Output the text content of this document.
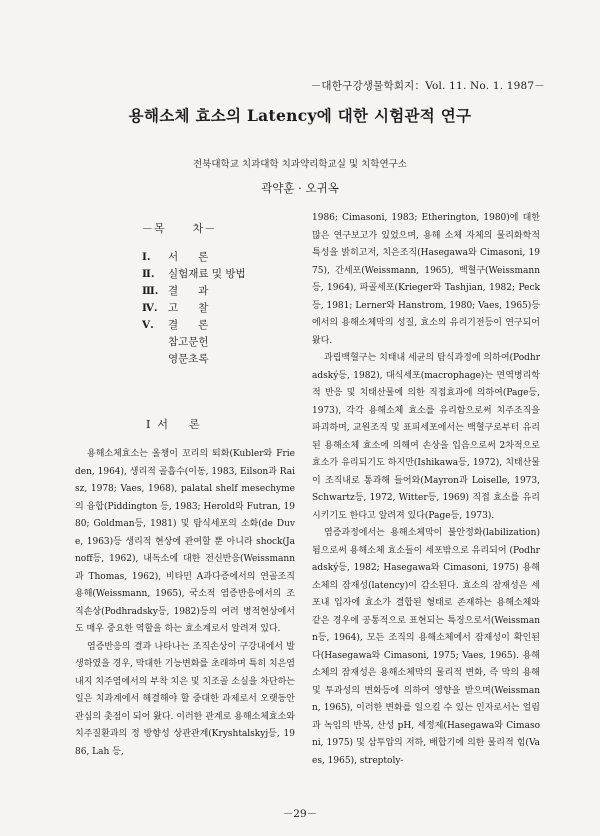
－대한구강생물학회지：Vol. 11. No. 1. 1987－
용해소체 효소의 Latency에 대한 시험관적 연구
전북대학교 치과대학 치과약리학교실 및 치학연구소
곽약훈 · 오귀옥
－목      차－
Ⅰ.	서      론
Ⅱ.	실험재료 및 방법
Ⅲ. 결      과
Ⅳ. 고      찰
Ⅴ.	결      론
참고문헌
영문초록
Ⅰ  서      론

용해소체효소는 올챙이 꼬리의 퇴화(Kubler와 Frieden, 1964), 생리적 골흡수(이동, 1983, Eilson과 Raisz, 1978; Vaes, 1968), palatal shelf mesechyme의 융합(Piddington 등, 1983; Herold와 Futran, 1980; Goldman등, 1981) 및 탐식세포의 소화(de Duve, 1963)등 생리적 현상에 관여할 뿐 아니라 shock(Janoff등, 1962), 내독소에 대한 전신반응(Weissmann과 Thomas, 1962), 비타민 A과다증에서의 연골조직 용해(Weissmann, 1965), 국소적 염증반응에서의 조직손상(Podhradsky등, 1982)등의 여러 병적현상에서도 매우 중요한 역할을 하는 효소계로서 알려져 있다.

염증반응의 결과 나타나는 조직손상이 구강내에서 발생하였을 경우, 막대한 기능변화를 초래하며 특히 치은염 내지 치주염에서의 부착 치은 및 치조골 소실을 차단하는 일은 치과계에서 해결해야 할 중대한 과제로서 오랫동안 관심의 촛점이 되어 왔다. 이러한 관계로 용해소체효소와 치주질환과의 정 방향성 상관관계(Kryshtalskyj등, 1986, Lah 등,

1986; Cimasoni, 1983; Etherington, 1980)에 대한 많은 연구보고가 있었으며, 용해 소체 자체의 물리화학적 특성을 밝히고저, 치은조직(Hasegawa와 Cimasoni, 1975), 간세포(Weissmann, 1965), 백혈구(Weissmann 등, 1964), 파골세포(Krieger와 Tashjian, 1982; Peck등, 1981; Lerner와 Hanstrom, 1980; Vaes, 1965)등에서의 용해소체막의 성질, 효소의 유리기전등이 연구되어 왔다.

과립백혈구는 치태내 세균의 탐식과정에 의하여(Podhradský등, 1982), 대식세포(macrophage)는 면역병리학적 반응 및 치태산물에 의한 직접효과에 의하여(Page등, 1973), 각각 용해소체 효소를 유리함으로써 치주조직을 파괴하며, 교원조직 및 표피세포에서는 백혈구로부터 유리된 용해소체 효소에 의해여 손상을 입음으로써 2차적으로 효소가 유리되기도 하지만(Ishikawa등, 1972), 치태산물이 조직내로 통과해 들어와(Mayron과 Loiselle, 1973, Schwartz등, 1972, Witter등, 1969) 직접 효소를 유리시키기도 한다고 알려져 있다(Page등, 1973).

염증과정에서는 용해소체막이 불안정화(labilization)됨으로써 용해소체 효소들이 세포밖으로 유리되어 (Podhradský등, 1982; Hasegawa와 Cimasoni, 1975) 용해소체의 잠재성(latency)이 감소된다. 효소의 잠재성은 세포내 입자에 효소가 결합된 형태로 존재하는 용해소체와 같은 경우에 공통적으로 표현되는 특징으로서(Weissmann등, 1964), 모든 조직의 용해소체에서 잠재성이 확인된다(Hasegawa와 Cimasoni, 1975; Vaes, 1965). 용해소체의 잠재성은 용해소체막의 물리적 변화, 즉 막의 용해 및 투과성의 변화등에 의하여 영향을 받으며(Weissmann, 1965), 이러한 변화를 일으킬 수 있는 인자로서는 얼림과 녹임의 반복, 산성 pH, 세정제(Hasegawa와 Cimasoni, 1975) 및 삼투압의 저하, 배합기에 의한 물리적 힘(Vaes, 1965), streptoly-

－29－
